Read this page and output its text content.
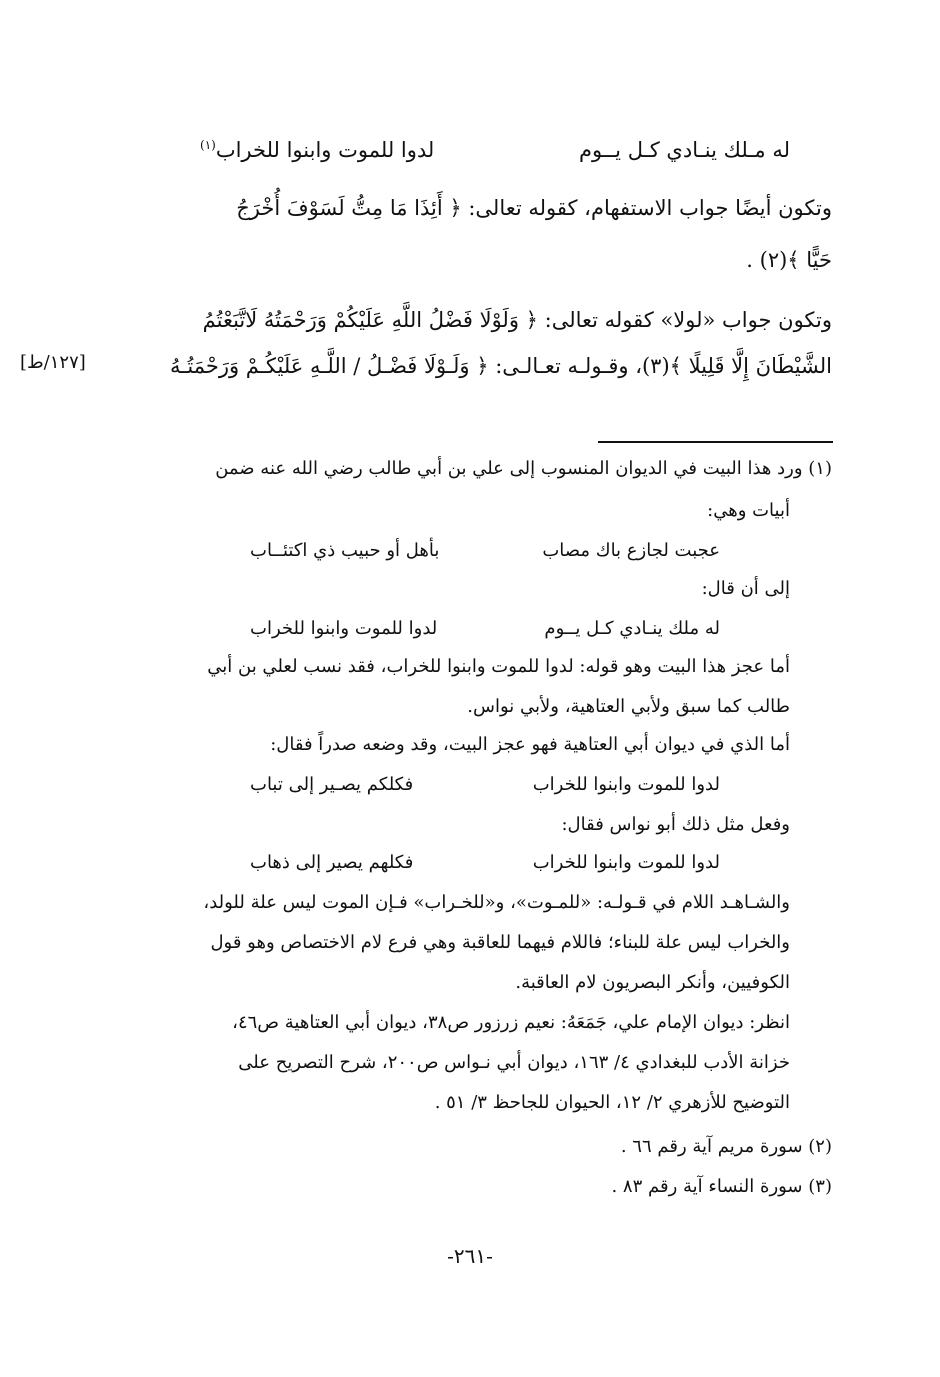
له مـلك ينـادي كـل يــوم
لدوا للموت وابنوا للخراب$^{(١)}$
وتكون أيضًا جواب الاستفهام، كقوله تعالى: ﴿ أَئِذَا مَا مِتُّ لَسَوْفَ أُخْرَجُ
حَيًّا ﴾(٢) .
وتكون جواب «لولا» كقوله تعالى: ﴿ وَلَوْلَا فَضْلُ اللَّهِ عَلَيْكُمْ وَرَحْمَتُهُ لَاتَّبَعْتُمُ
الشَّيْطَانَ إِلَّا قَلِيلًا ﴾(٣)، وقـولـه تعـالـى: ﴿ وَلَـوْلَا فَضْـلُ / اللَّـهِ عَلَيْكُـمْ وَرَحْمَتُـهُ
[١٢٧/ط]
(١) ورد هذا البيت في الديوان المنسوب إلى علي بن أبي طالب رضي الله عنه ضمن
أبيات وهي:
عجبت لجازع باك مصاب
بأهل أو حبيب ذي اكتئــاب
إلى أن قال:
له ملك ينـادي كـل يــوم
لدوا للموت وابنوا للخراب
أما عجز هذا البيت وهو قوله: لدوا للموت وابنوا للخراب، فقد نسب لعلي بن أبي
طالب كما سبق ولأبي العتاهية، ولأبي نواس.
أما الذي في ديوان أبي العتاهية فهو عجز البيت، وقد وضعه صدراً فقال:
لدوا للموت وابنوا للخراب
فكلكم يصـير إلى تباب
وفعل مثل ذلك أبو نواس فقال:
لدوا للموت وابنوا للخراب
فكلهم يصير إلى ذهاب
والشـاهـد اللام في قـولـه: «للمـوت»، و«للخـراب» فـإن الموت ليس علة للولد،
والخراب ليس علة للبناء؛ فاللام فيهما للعاقبة وهي فرع لام الاختصاص وهو قول
الكوفيين، وأنكر البصريون لام العاقبة.
انظر: ديوان الإمام علي، جَمَعَهُ: نعيم زرزور ص٣٨، ديوان أبي العتاهية ص٤٦،
خزانة الأدب للبغدادي ٤/ ١٦٣، ديوان أبي نـواس ص٢٠٠، شرح التصريح على
التوضيح للأزهري ٢/ ١٢، الحيوان للجاحظ ٣/ ٥١ .
(٢) سورة مريم آية رقم ٦٦ .
(٣) سورة النساء آية رقم ٨٣ .
-٢٦١-
